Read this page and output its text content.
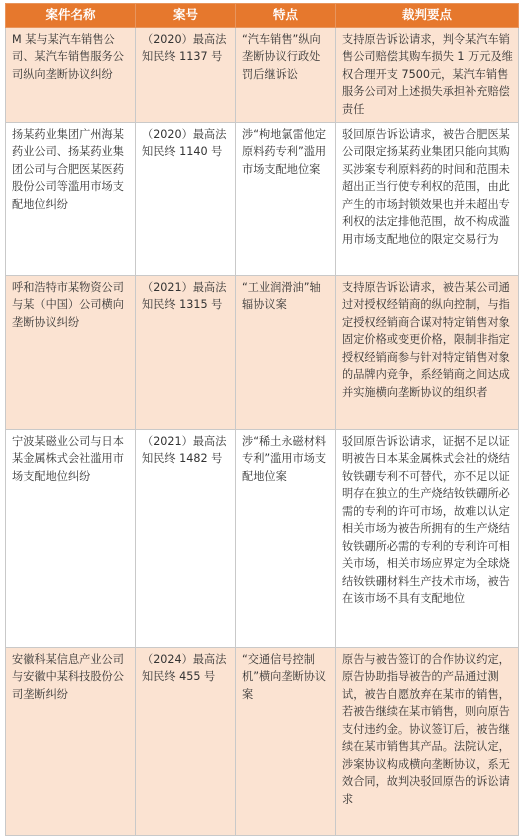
案件名称	案号	特点	裁判要点
M 某与某汽车销售公司、某汽车销售服务公司纵向垄断协议纠纷	（2020）最高法知民终 1137 号	“汽车销售”纵向垄断协议行政处罚后继诉讼	支持原告诉讼请求，判令某汽车销售公司赔偿其购车损失 1 万元及维权合理开支 7500元，某汽车销售服务公司对上述损失承担补充赔偿责任
扬某药业集团广州海某药业公司、扬某药业集团公司与合肥医某医药股份公司等滥用市场支配地位纠纷	（2020）最高法知民终 1140 号	涉“枸地氯雷他定原料药专利”滥用市场支配地位案	驳回原告诉讼请求，被告合肥医某公司限定扬某药业集团只能向其购买涉案专利原料药的时间和范围未超出正当行使专利权的范围，由此产生的市场封锁效果也并未超出专利权的法定排他范围，故不构成滥用市场支配地位的限定交易行为
呼和浩特市某物资公司与某（中国）公司横向垄断协议纠纷	（2021）最高法知民终 1315 号	“工业润滑油”轴辐协议案	支持原告诉讼请求，被告某公司通过对授权经销商的纵向控制，与指定授权经销商合谋对特定销售对象固定价格或变更价格，限制非指定授权经销商参与针对特定销售对象的品牌内竞争，系经销商之间达成并实施横向垄断协议的组织者
宁波某磁业公司与日本某金属株式会社滥用市场支配地位纠纷	（2021）最高法知民终 1482 号	涉“稀土永磁材料专利”滥用市场支配地位案	驳回原告诉讼请求，证据不足以证明被告日本某金属株式会社的烧结钕铁硼专利不可替代，亦不足以证明存在独立的生产烧结钕铁硼所必需的专利的许可市场，故难以认定相关市场为被告所拥有的生产烧结钕铁硼所必需的专利的专利许可相关市场，相关市场应界定为全球烧结钕铁硼材料生产技术市场，被告在该市场不具有支配地位
安徽科某信息产业公司与安徽中某科技股份公司垄断纠纷	（2024）最高法知民终 455 号	“交通信号控制机”横向垄断协议案	原告与被告签订的合作协议约定，原告协助指导被告的产品通过测试，被告自愿放弃在某市的销售，若被告继续在某市销售，则向原告支付违约金。协议签订后，被告继续在某市销售其产品。法院认定，涉案协议构成横向垄断协议，系无效合同，故判决驳回原告的诉讼请求
